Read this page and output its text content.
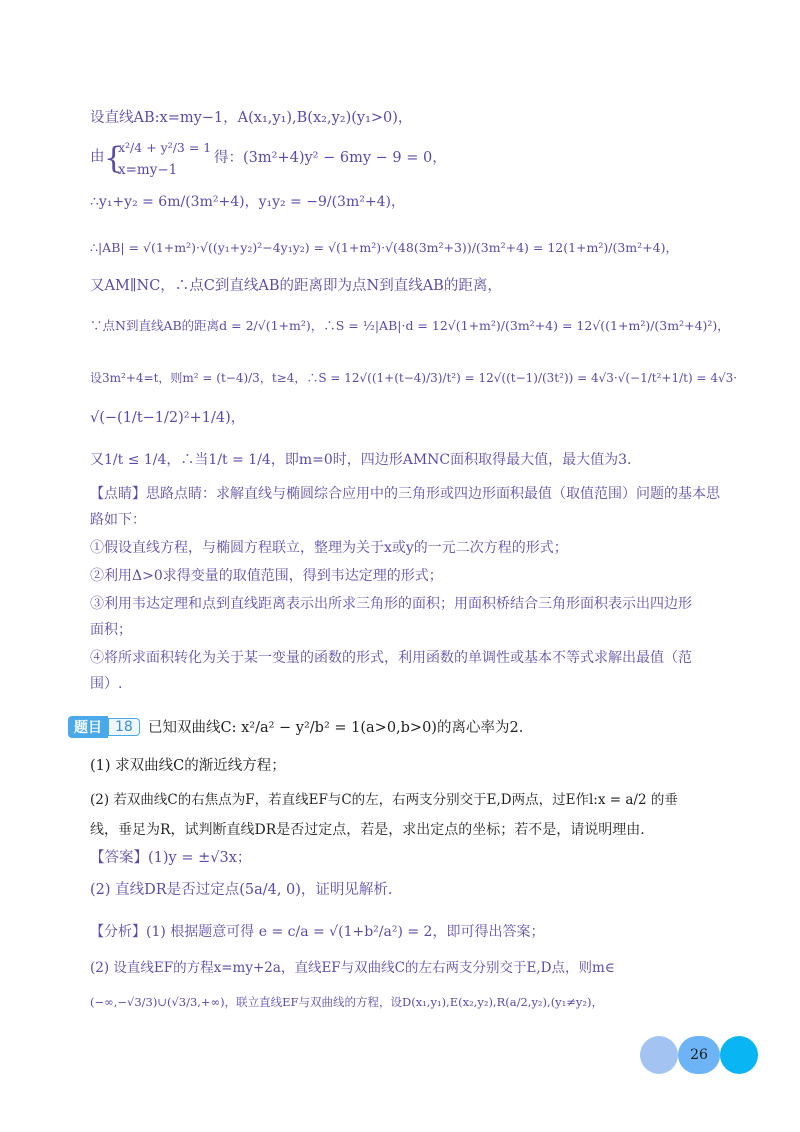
设直线AB:x=my−1，A(x₁,y₁),B(x₂,y₂)(y₁>0)，
由 {
x²/4 + y²/3 = 1
x=my−1
得：(3m²+4)y² − 6my − 9 = 0，
∴y₁+y₂ = 6m/(3m²+4)，y₁y₂ = −9/(3m²+4)，
∴|AB| = √(1+m²)·√((y₁+y₂)²−4y₁y₂) = √(1+m²)·√(48(3m²+3))/(3m²+4) = 12(1+m²)/(3m²+4)，
又AM∥NC，∴点C到直线AB的距离即为点N到直线AB的距离，
∵点N到直线AB的距离d = 2/√(1+m²)，∴S = ½|AB|·d = 12√(1+m²)/(3m²+4) = 12√((1+m²)/(3m²+4)²)，
设3m²+4=t，则m² = (t−4)/3，t≥4，∴S = 12√((1+(t−4)/3)/t²) = 12√((t−1)/(3t²)) = 4√3·√(−1/t²+1/t) = 4√3·
√(−(1/t−1/2)²+1/4)，
又1/t ≤ 1/4，∴当1/t = 1/4，即m=0时，四边形AMNC面积取得最大值，最大值为3.
【点睛】思路点睛：求解直线与椭圆综合应用中的三角形或四边形面积最值（取值范围）问题的基本思
路如下：
①假设直线方程，与椭圆方程联立，整理为关于x或y的一元二次方程的形式；
②利用Δ>0求得变量的取值范围，得到韦达定理的形式；
③利用韦达定理和点到直线距离表示出所求三角形的面积；用面积桥结合三角形面积表示出四边形
面积；
④将所求面积转化为关于某一变量的函数的形式，利用函数的单调性或基本不等式求解出最值（范
围）.
已知双曲线C: x²/a² − y²/b² = 1(a>0,b>0)的离心率为2.
(1) 求双曲线C的渐近线方程；
(2) 若双曲线C的右焦点为F，若直线EF与C的左，右两支分别交于E,D两点，过E作l:x = a/2 的垂
线，垂足为R，试判断直线DR是否过定点，若是，求出定点的坐标；若不是，请说明理由.
【答案】(1)y = ±√3x；
(2) 直线DR是否过定点(5a/4, 0)，证明见解析.
【分析】(1) 根据题意可得 e = c/a = √(1+b²/a²) = 2，即可得出答案；
(2) 设直线EF的方程x=my+2a，直线EF与双曲线C的左右两支分别交于E,D点，则m∈
(−∞,−√3/3)∪(√3/3,+∞)，联立直线EF与双曲线的方程，设D(x₁,y₁),E(x₂,y₂),R(a/2,y₂),(y₁≠y₂)，
题目 18
26
